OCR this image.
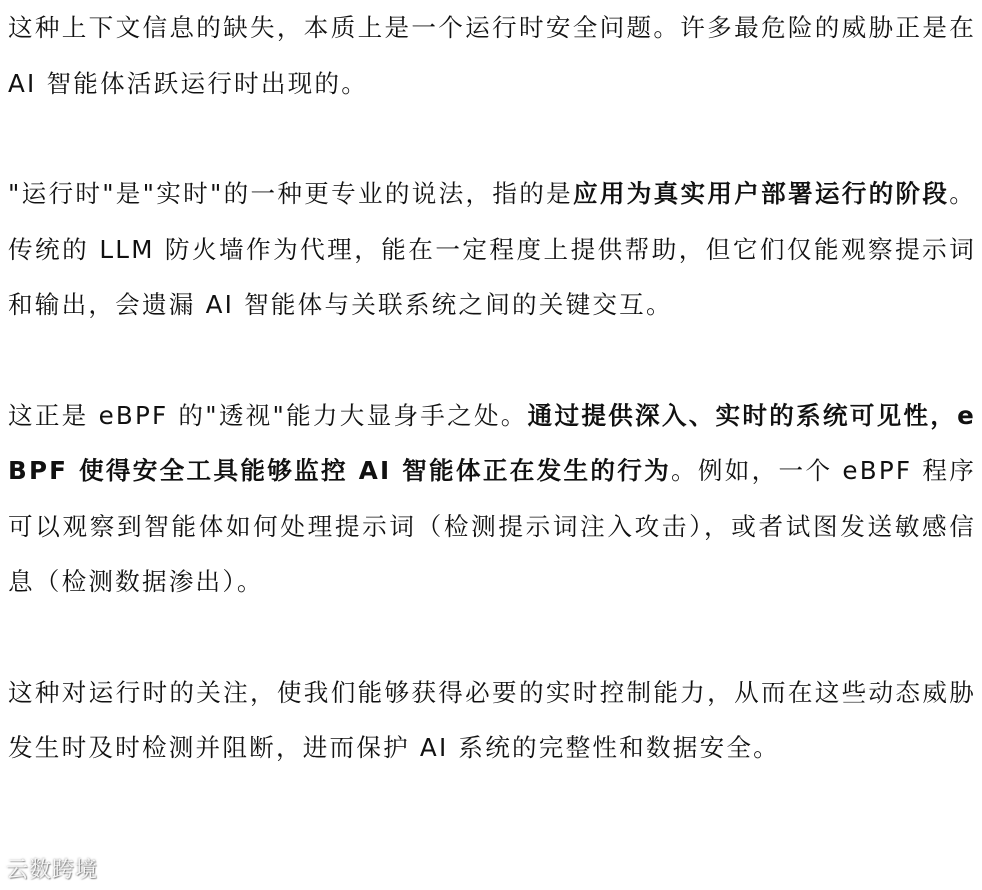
这种上下文信息的缺失，本质上是一个运行时安全问题。许多最危险的威胁正是在 AI 智能体活跃运行时出现的。

"运行时"是"实时"的一种更专业的说法，指的是应用为真实用户部署运行的阶段。传统的 LLM 防火墙作为代理，能在一定程度上提供帮助，但它们仅能观察提示词和输出，会遗漏 AI 智能体与关联系统之间的关键交互。

这正是 eBPF 的"透视"能力大显身手之处。通过提供深入、实时的系统可见性，eBPF 使得安全工具能够监控 AI 智能体正在发生的行为。例如，一个 eBPF 程序可以观察到智能体如何处理提示词（检测提示词注入攻击），或者试图发送敏感信息（检测数据渗出）。

这种对运行时的关注，使我们能够获得必要的实时控制能力，从而在这些动态威胁发生时及时检测并阻断，进而保护 AI 系统的完整性和数据安全。

云数跨境
